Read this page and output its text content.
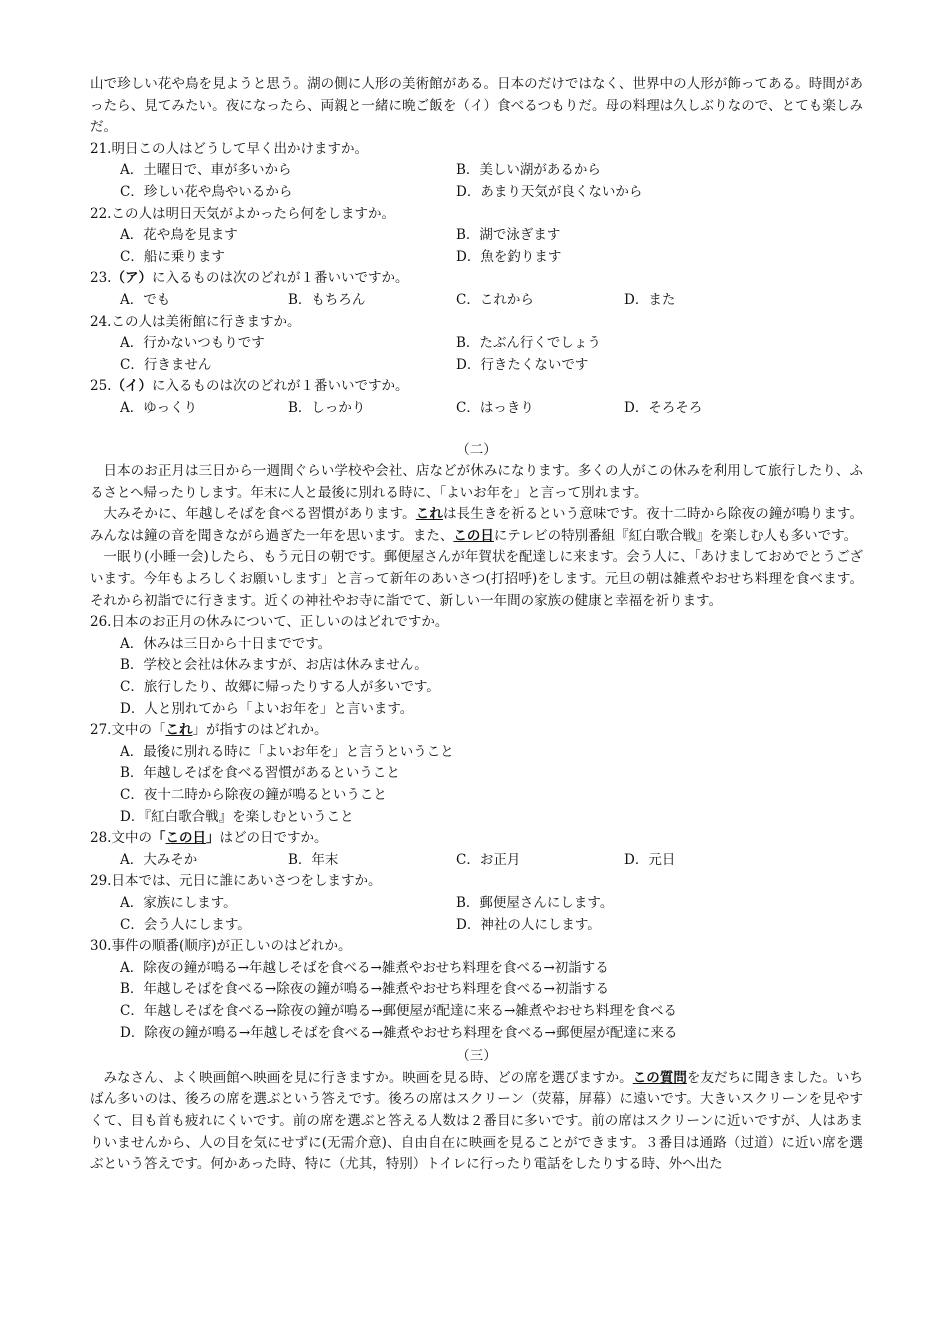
山で珍しい花や鳥を見ようと思う。湖の側に人形の美術館がある。日本のだけではなく、世界中の人形が飾ってある。時間があったら、見てみたい。夜になったら、両親と一緒に晩ご飯を（イ）食べるつもりだ。母の料理は久しぶりなので、とても楽しみだ。

21.明日この人はどうして早く出かけますか。

A．土曜日で、車が多いから	B．美しい湖があるから
C．珍しい花や鳥やいるから	D．あまり天気が良くないから

22.この人は明日天気がよかったら何をしますか。

A．花や鳥を見ます	B．湖で泳ぎます
C．船に乗ります	D．魚を釣ります

23.（ア）に入るものは次のどれが１番いいですか。

A．でも	B．もちろん	C．これから	D．また

24.この人は美術館に行きますか。

A．行かないつもりです	B．たぶん行くでしょう
C．行きません	D．行きたくないです

25.（イ）に入るものは次のどれが１番いいですか。

A．ゆっくり	B．しっかり	C．はっきり	D．そろそろ

（二）

日本のお正月は三日から一週間ぐらい学校や会社、店などが休みになります。多くの人がこの休みを利用して旅行したり、ふるさとへ帰ったりします。年末に人と最後に別れる時に、「よいお年を」と言って別れます。

大みそかに、年越しそばを食べる習慣があります。これは長生きを祈るという意味です。夜十二時から除夜の鐘が鳴ります。みんなは鐘の音を聞きながら過ぎた一年を思います。また、この日にテレビの特別番組『紅白歌合戦』を楽しむ人も多いです。

一眠り(小睡一会)したら、もう元日の朝です。郵便屋さんが年賀状を配達しに来ます。会う人に、「あけましておめでとうございます。今年もよろしくお願いします」と言って新年のあいさつ(打招呼)をします。元旦の朝は雑煮やおせち料理を食べます。それから初詣でに行きます。近くの神社やお寺に詣でて、新しい一年間の家族の健康と幸福を祈ります。

26.日本のお正月の休みについて、正しいのはどれですか。

A．休みは三日から十日までです。
B．学校と会社は休みますが、お店は休みません。
C．旅行したり、故郷に帰ったりする人が多いです。
D．人と別れてから「よいお年を」と言います。

27.文中の「これ」が指すのはどれか。

A．最後に別れる時に「よいお年を」と言うということ
B．年越しそばを食べる習慣があるということ
C．夜十二時から除夜の鐘が鳴るということ
D．『紅白歌合戦』を楽しむということ

28.文中の「この日」はどの日ですか。

A．大みそか	B．年末	C．お正月	D．元日

29.日本では、元日に誰にあいさつをしますか。

A．家族にします。	B．郵便屋さんにします。
C．会う人にします。	D．神社の人にします。

30.事件の順番(顺序)が正しいのはどれか。

A．除夜の鐘が鳴る→年越しそばを食べる→雑煮やおせち料理を食べる→初詣する
B．年越しそばを食べる→除夜の鐘が鳴る→雑煮やおせち料理を食べる→初詣する
C．年越しそばを食べる→除夜の鐘が鳴る→郵便屋が配達に来る→雑煮やおせち料理を食べる
D．除夜の鐘が鳴る→年越しそばを食べる→雑煮やおせち料理を食べる→郵便屋が配達に来る

（三）

みなさん、よく映画館へ映画を見に行きますか。映画を見る時、どの席を選びますか。この質問を友だちに聞きました。いちばん多いのは、後ろの席を選ぶという答えです。後ろの席はスクリーン（荧幕，屏幕）に遠いです。大きいスクリーンを見やすくて、目も首も疲れにくいです。前の席を選ぶと答える人数は２番目に多いです。前の席はスクリーンに近いですが、人はあまりいませんから、人の目を気にせずに(无需介意)、自由自在に映画を見ることができます。３番目は通路（过道）に近い席を選ぶという答えです。何かあった時、特に（尤其，特别）トイレに行ったり電話をしたりする時、外へ出た
